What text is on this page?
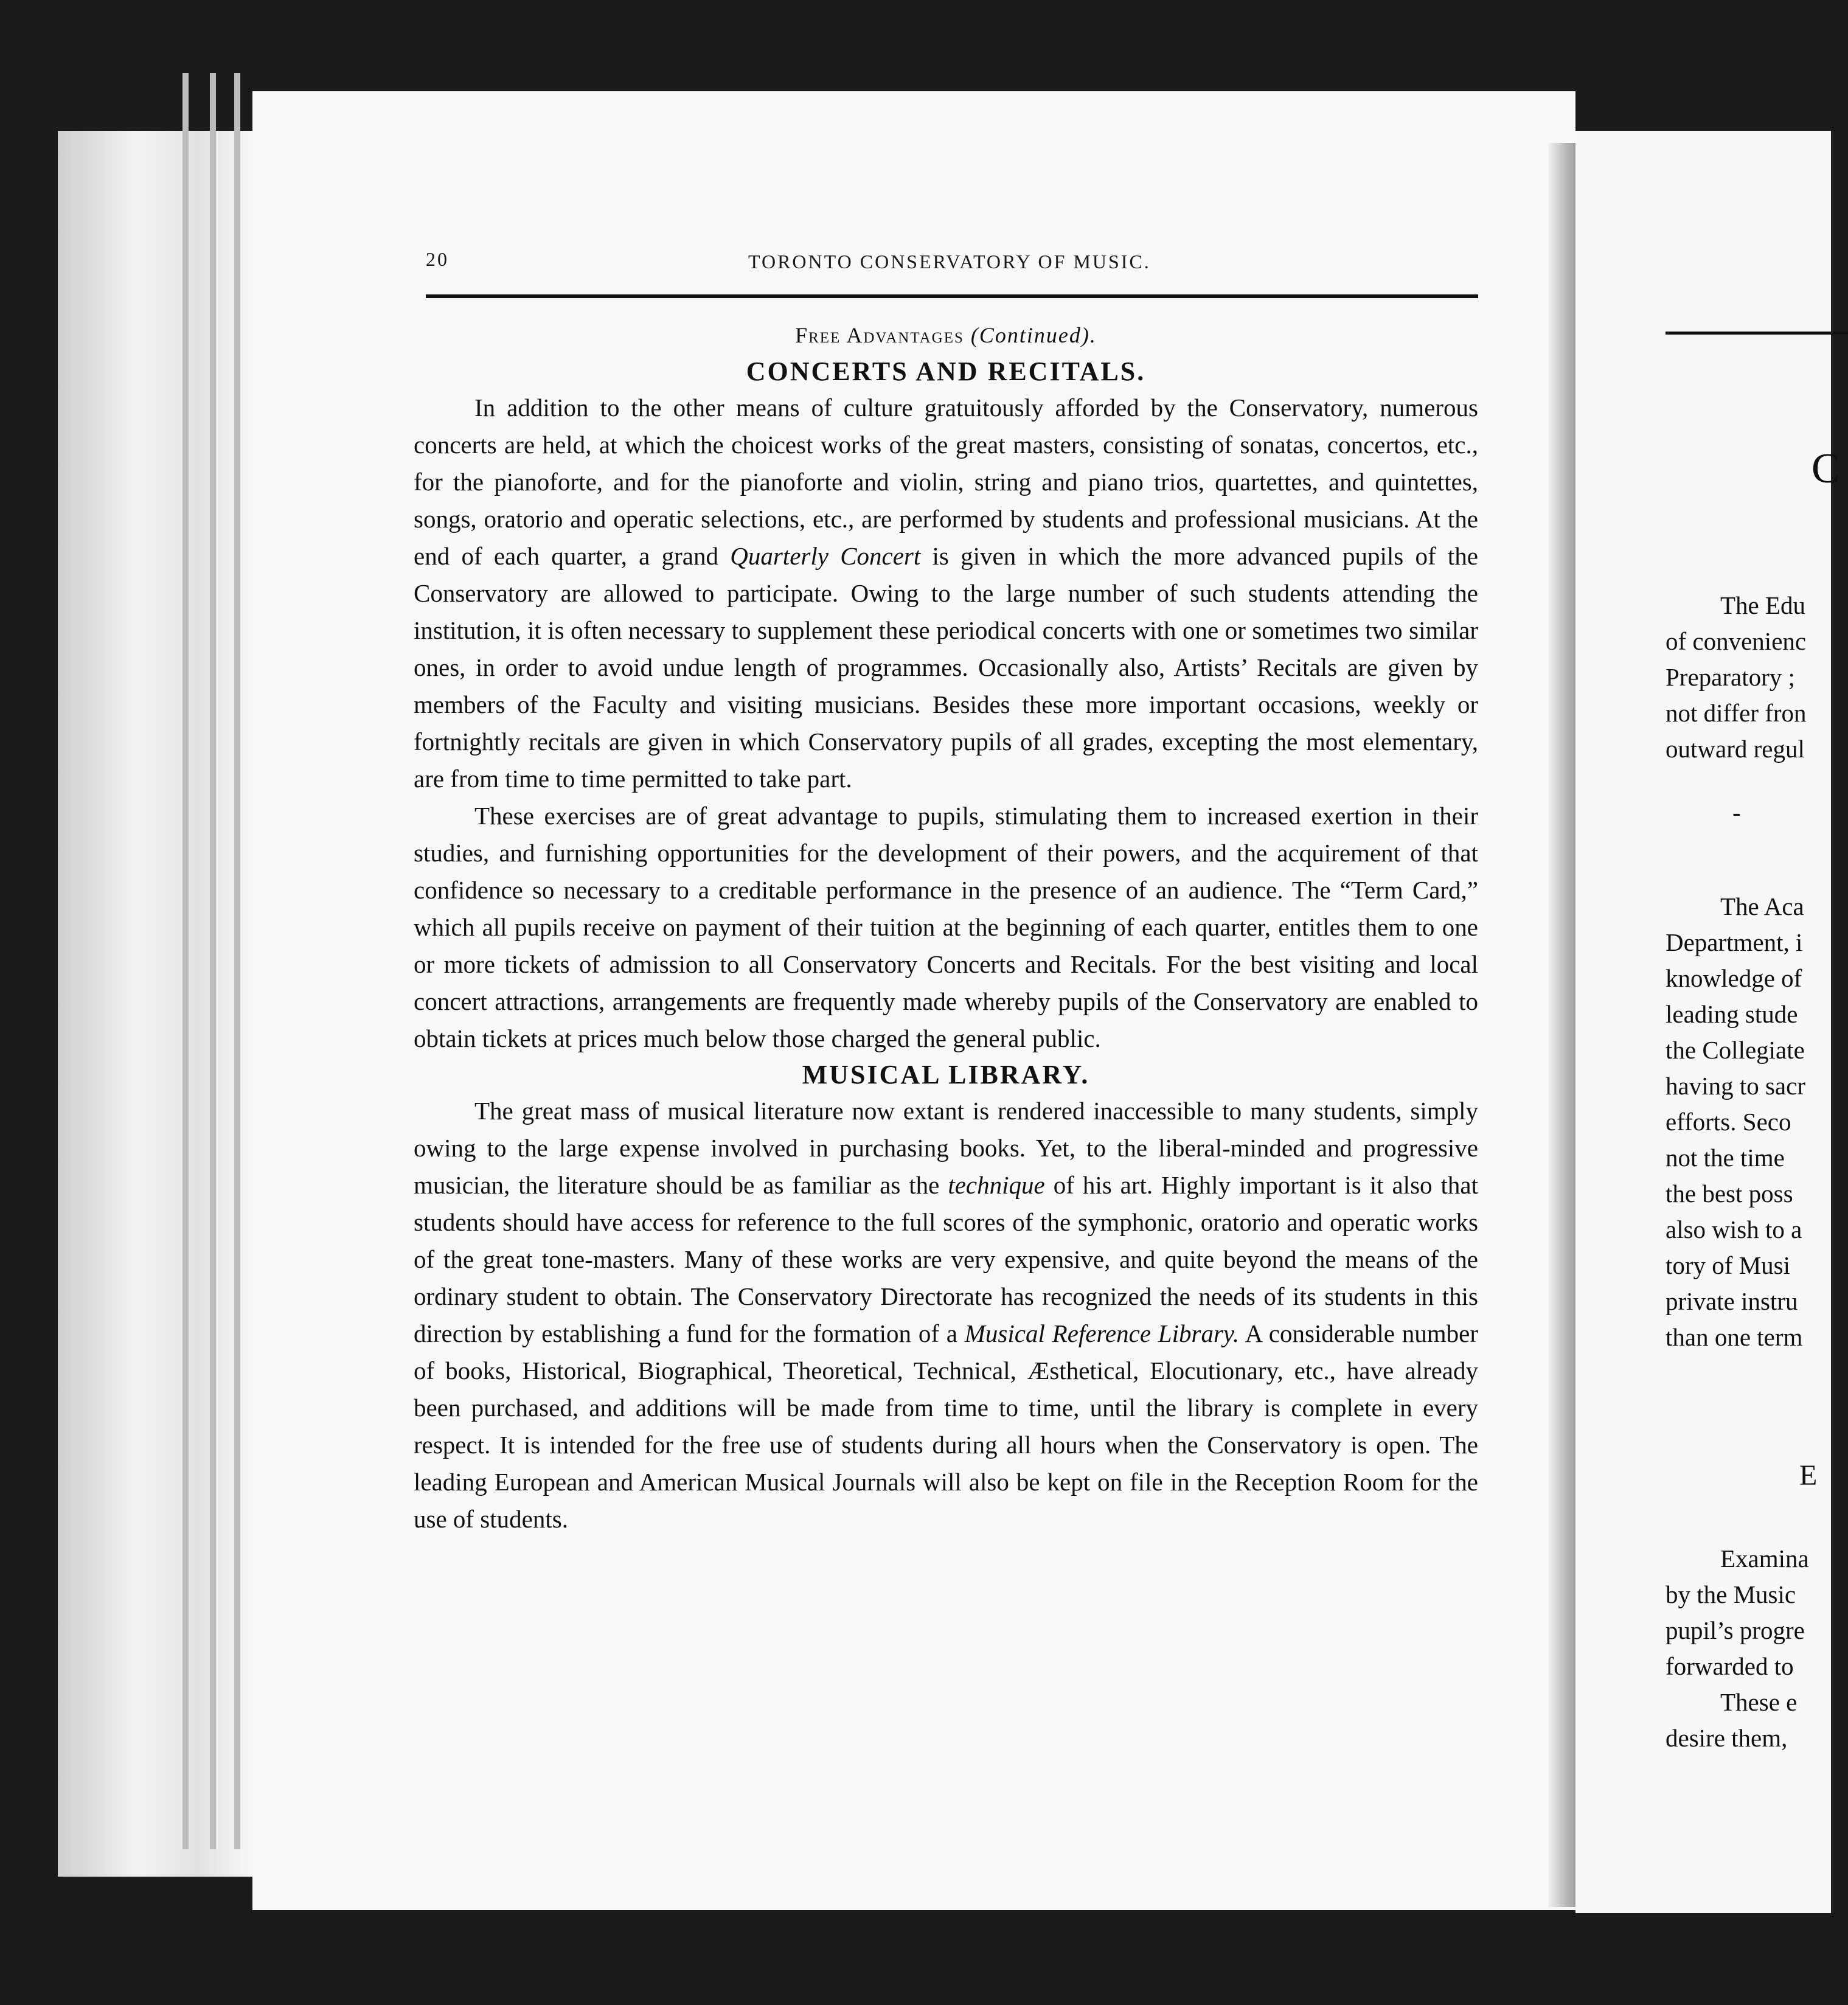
20	TORONTO CONSERVATORY OF MUSIC.
Free Advantages (Continued).
CONCERTS AND RECITALS.

In addition to the other means of culture gratuitously afforded by the Conservatory, numerous concerts are held, at which the choicest works of the great masters, consisting of sonatas, concertos, etc., for the pianoforte, and for the pianoforte and violin, string and piano trios, quartettes, and quintettes, songs, oratorio and operatic selections, etc., are performed by students and professional musicians. At the end of each quarter, a grand Quarterly Concert is given in which the more advanced pupils of the Conservatory are allowed to participate. Owing to the large number of such students attending the institution, it is often necessary to supplement these periodical concerts with one or sometimes two similar ones, in order to avoid undue length of programmes. Occasionally also, Artists’ Recitals are given by members of the Faculty and visiting musicians. Besides these more important occasions, weekly or fortnightly recitals are given in which Conservatory pupils of all grades, excepting the most elementary, are from time to time permitted to take part.

These exercises are of great advantage to pupils, stimulating them to increased exertion in their studies, and furnishing opportunities for the development of their powers, and the acquirement of that confidence so necessary to a creditable performance in the presence of an audience. The “Term Card,” which all pupils receive on payment of their tuition at the beginning of each quarter, entitles them to one or more tickets of admission to all Conservatory Concerts and Recitals. For the best visiting and local concert attractions, arrangements are frequently made whereby pupils of the Conservatory are enabled to obtain tickets at prices much below those charged the general public.

MUSICAL LIBRARY.

The great mass of musical literature now extant is rendered inaccessible to many students, simply owing to the large expense involved in purchasing books. Yet, to the liberal-minded and progressive musician, the literature should be as familiar as the technique of his art. Highly important is it also that students should have access for reference to the full scores of the symphonic, oratorio and operatic works of the great tone-masters. Many of these works are very expensive, and quite beyond the means of the ordinary student to obtain. The Conservatory Directorate has recognized the needs of its students in this direction by establishing a fund for the formation of a Musical Reference Library. A considerable number of books, Historical, Biographical, Theoretical, Technical, Æsthetical, Elocutionary, etc., have already been purchased, and additions will be made from time to time, until the library is complete in every respect. It is intended for the free use of students during all hours when the Conservatory is open. The leading European and American Musical Journals will also be kept on file in the Reception Room for the use of students.

C
The Edu
of convenienc
Preparatory ;
not differ fron
outward regul
-
The Aca
Department, i
knowledge of
leading stude
the Collegiate
having to sacr
efforts. Seco
not the time
the best poss
also wish to a
tory of Musi
private instru
than one term
E
Examina
by the Music
pupil’s progre
forwarded to
These e
desire them,
